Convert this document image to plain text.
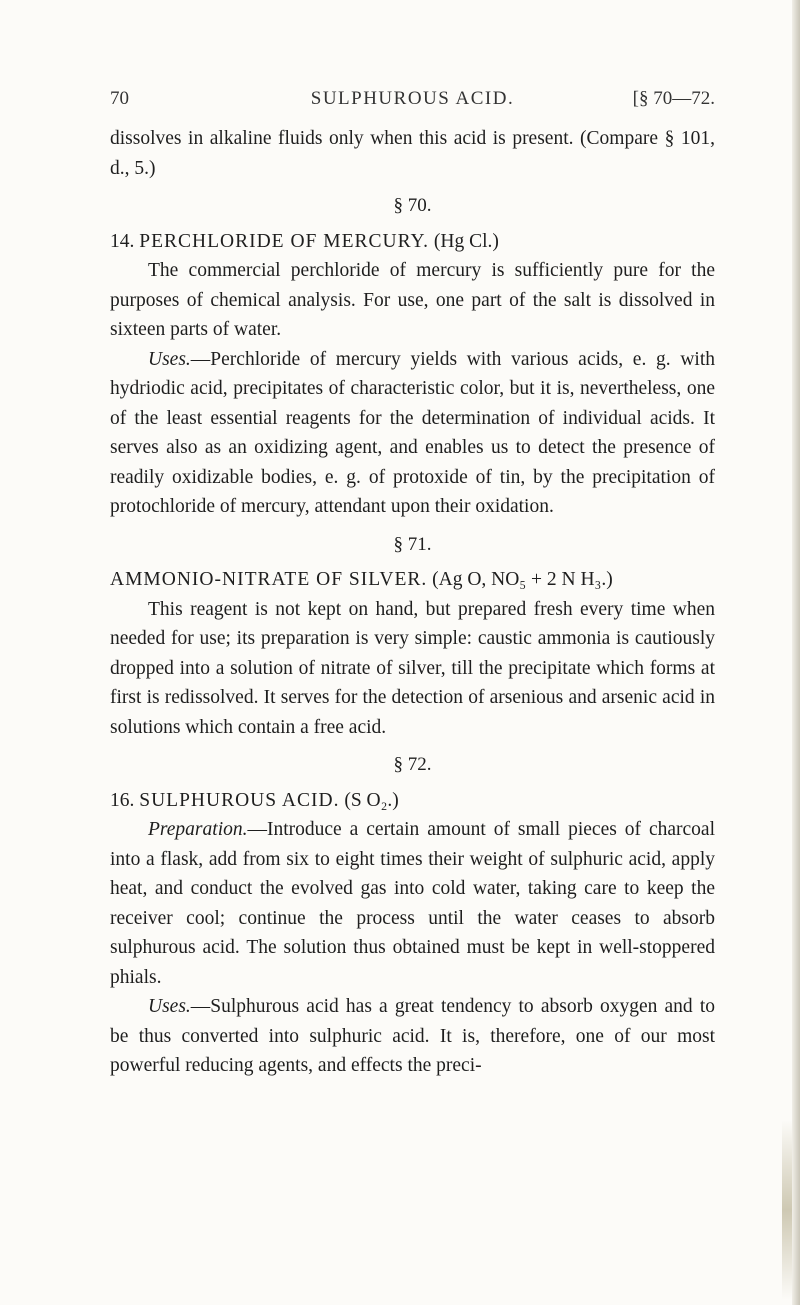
70	SULPHUROUS ACID.	[§ 70—72.

dissolves in alkaline fluids only when this acid is present. (Compare § 101, d., 5.)

§ 70.

14. PERCHLORIDE OF MERCURY. (Hg Cl.)

The commercial perchloride of mercury is sufficiently pure for the purposes of chemical analysis. For use, one part of the salt is dissolved in sixteen parts of water.

Uses.—Perchloride of mercury yields with various acids, e. g. with hydriodic acid, precipitates of characteristic color, but it is, nevertheless, one of the least essential reagents for the determination of individual acids. It serves also as an oxidizing agent, and enables us to detect the presence of readily oxidizable bodies, e. g. of protoxide of tin, by the precipitation of protochloride of mercury, attendant upon their oxidation.

§ 71.

AMMONIO-NITRATE OF SILVER. (Ag O, NO₅ + 2 N H₃.)

This reagent is not kept on hand, but prepared fresh every time when needed for use; its preparation is very simple: caustic ammonia is cautiously dropped into a solution of nitrate of silver, till the precipitate which forms at first is redissolved. It serves for the detection of arsenious and arsenic acid in solutions which contain a free acid.

§ 72.

16. SULPHUROUS ACID. (S O₂.)

Preparation.—Introduce a certain amount of small pieces of charcoal into a flask, add from six to eight times their weight of sulphuric acid, apply heat, and conduct the evolved gas into cold water, taking care to keep the receiver cool; continue the process until the water ceases to absorb sulphurous acid. The solution thus obtained must be kept in well-stoppered phials.

Uses.—Sulphurous acid has a great tendency to absorb oxygen and to be thus converted into sulphuric acid. It is, therefore, one of our most powerful reducing agents, and effects the preci-
